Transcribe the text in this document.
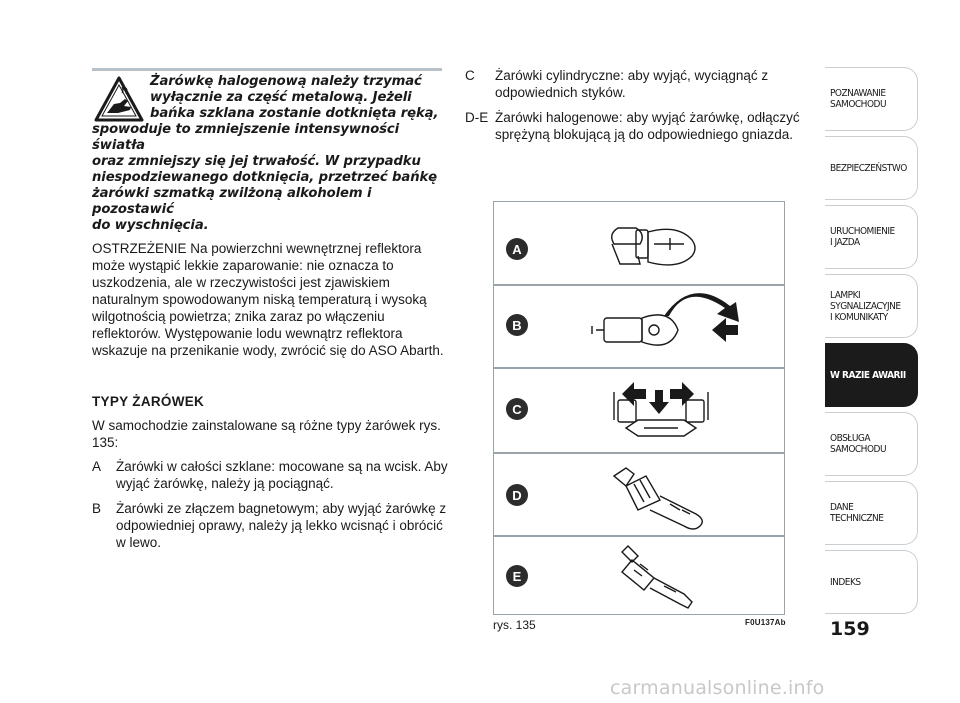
Żarówkę halogenową należy trzymać
wyłącznie za część metalową. Jeżeli
bańka szklana zostanie dotknięta ręką,
spowoduje to zmniejszenie intensywności światła
oraz zmniejszy się jej trwałość. W przypadku
niespodziewanego dotknięcia, przetrzeć bańkę
żarówki szmatką zwilżoną alkoholem i pozostawić
do wyschnięcia.
OSTRZEŻENIE Na powierzchni wewnętrznej reflektora może wystąpić lekkie zaparowanie: nie oznacza to uszkodzenia, ale w rzeczywistości jest zjawiskiem naturalnym spowodowanym niską temperaturą i wysoką wilgotnością powietrza; znika zaraz po włączeniu reflektorów. Występowanie lodu wewnątrz reflektora wskazuje na przenikanie wody, zwrócić się do ASO Abarth.
TYPY ŻARÓWEK
W samochodzie zainstalowane są różne typy żarówek rys. 135:
A	Żarówki w całości szklane: mocowane są na wcisk. Aby wyjąć żarówkę, należy ją pociągnąć.
B	Żarówki ze złączem bagnetowym; aby wyjąć żarówkę z odpowiedniej oprawy, należy ją lekko wcisnąć i obrócić w lewo.
C	Żarówki cylindryczne: aby wyjąć, wyciągnąć z odpowiednich styków.
D-E Żarówki halogenowe: aby wyjąć żarówkę, odłączyć sprężyną blokującą ją do odpowiedniego gniazda.
A
B
C
D
E
rys. 135	F0U137Ab
POZNAWANIE
SAMOCHODU
BEZPIECZEŃSTWO
URUCHOMIENIE
I JAZDA
LAMPKI
SYGNALIZACYJNE
I KOMUNIKATY
W RAZIE AWARII
OBSŁUGA
SAMOCHODU
DANE
TECHNICZNE
INDEKS
159
carmanualsonline.info
